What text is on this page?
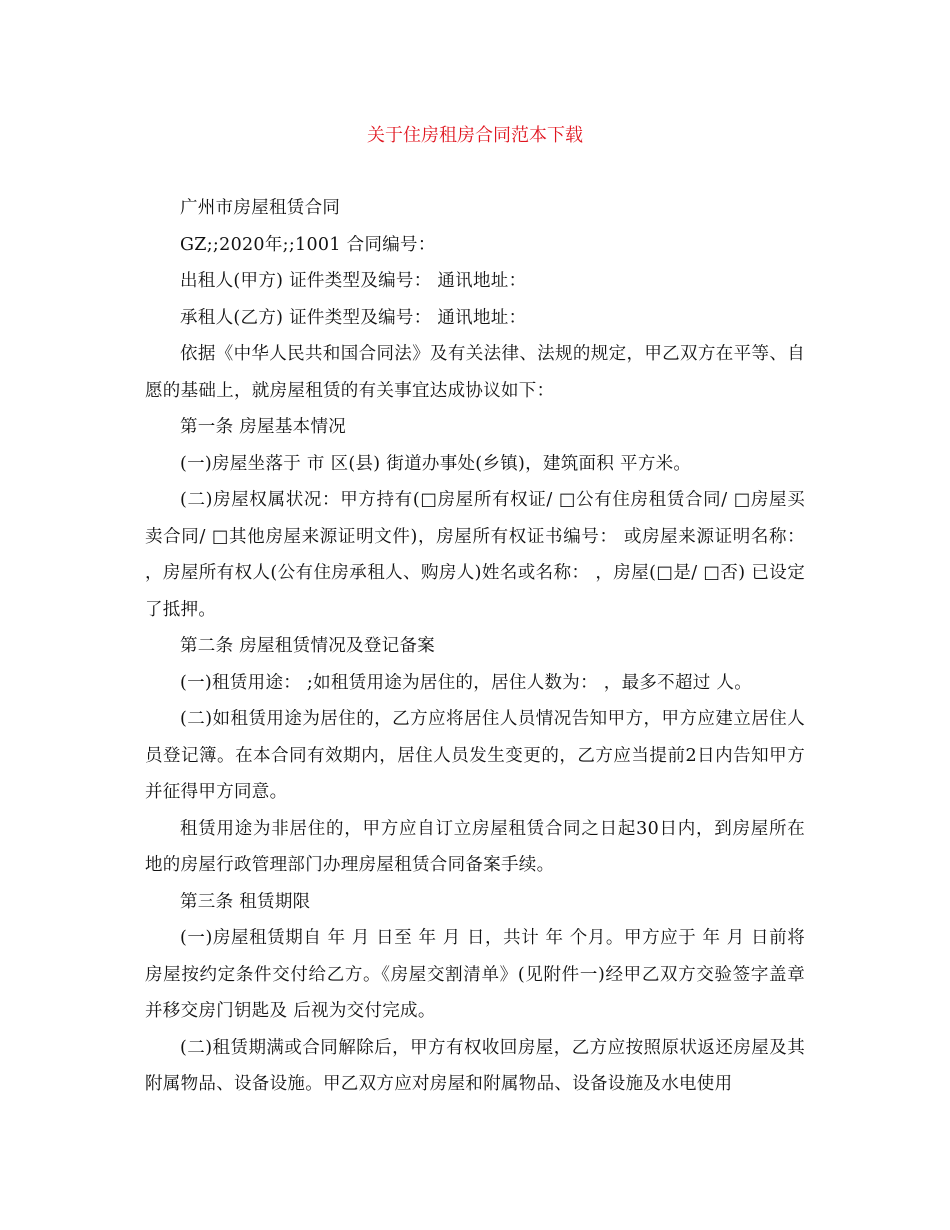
关于住房租房合同范本下载

广州市房屋租赁合同

GZ;;2020年;;1001 合同编号：

出租人(甲方) 证件类型及编号： 通讯地址：

承租人(乙方) 证件类型及编号： 通讯地址：

依据《中华人民共和国合同法》及有关法律、法规的规定，甲乙双方在平等、自愿的基础上，就房屋租赁的有关事宜达成协议如下：

第一条 房屋基本情况

(一)房屋坐落于 市 区(县) 街道办事处(乡镇)，建筑面积 平方米。

(二)房屋权属状况：甲方持有(□房屋所有权证/ □公有住房租赁合同/ □房屋买卖合同/ □其他房屋来源证明文件)，房屋所有权证书编号： 或房屋来源证明名称： ，房屋所有权人(公有住房承租人、购房人)姓名或名称： ，房屋(□是/ □否) 已设定了抵押。

第二条 房屋租赁情况及登记备案

(一)租赁用途： ;如租赁用途为居住的，居住人数为： ，最多不超过 人。

(二)如租赁用途为居住的，乙方应将居住人员情况告知甲方，甲方应建立居住人员登记簿。在本合同有效期内，居住人员发生变更的，乙方应当提前2日内告知甲方并征得甲方同意。

租赁用途为非居住的，甲方应自订立房屋租赁合同之日起30日内，到房屋所在地的房屋行政管理部门办理房屋租赁合同备案手续。

第三条 租赁期限

(一)房屋租赁期自 年 月 日至 年 月 日，共计 年 个月。甲方应于 年 月 日前将房屋按约定条件交付给乙方。《房屋交割清单》(见附件一)经甲乙双方交验签字盖章并移交房门钥匙及 后视为交付完成。

(二)租赁期满或合同解除后，甲方有权收回房屋，乙方应按照原状返还房屋及其附属物品、设备设施。甲乙双方应对房屋和附属物品、设备设施及水电使用
